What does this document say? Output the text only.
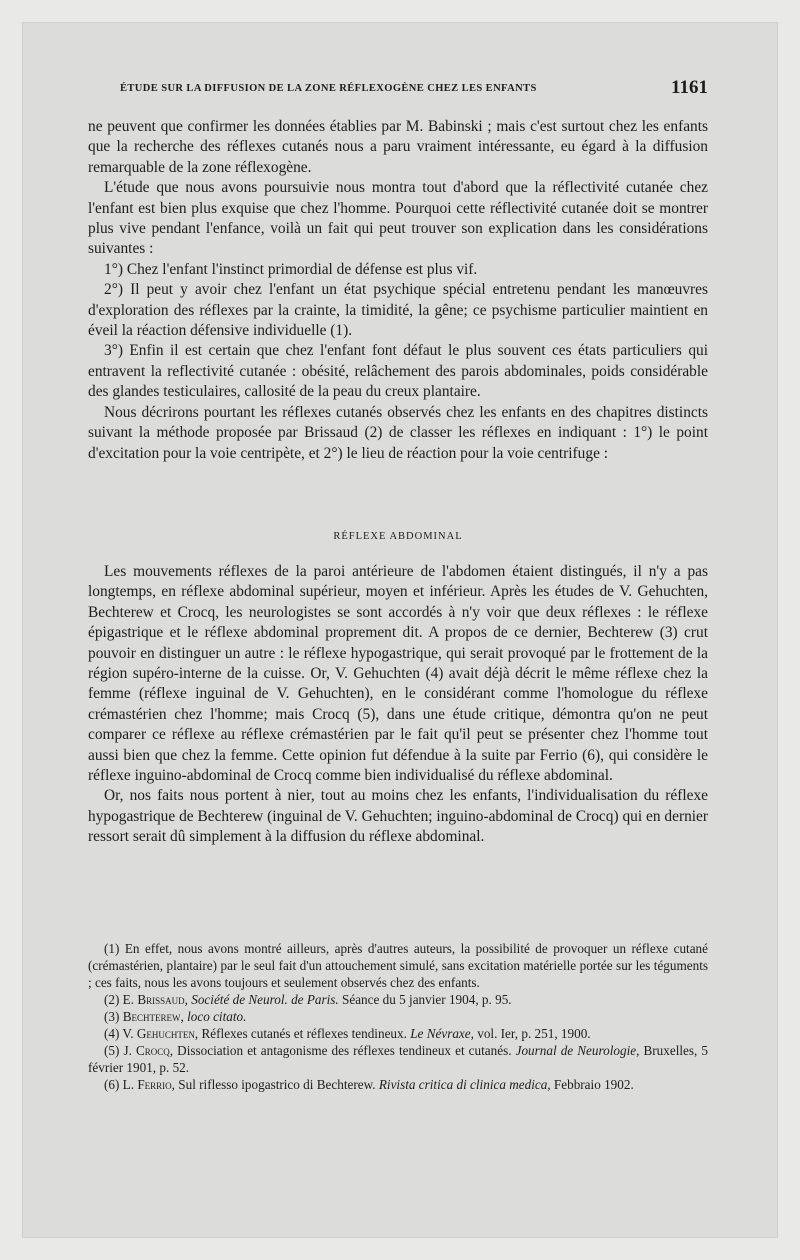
ÉTUDE SUR LA DIFFUSION DE LA ZONE RÉFLEXOGÈNE CHEZ LES ENFANTS	1161

ne peuvent que confirmer les données établies par M. Babinski ; mais c'est surtout chez les enfants que la recherche des réflexes cutanés nous a paru vraiment intéressante, eu égard à la diffusion remarquable de la zone réflexogène.

L'étude que nous avons poursuivie nous montra tout d'abord que la réflectivité cutanée chez l'enfant est bien plus exquise que chez l'homme. Pourquoi cette réflectivité cutanée doit se montrer plus vive pendant l'enfance, voilà un fait qui peut trouver son explication dans les considérations suivantes :

1°) Chez l'enfant l'instinct primordial de défense est plus vif.

2°) Il peut y avoir chez l'enfant un état psychique spécial entretenu pendant les manœuvres d'exploration des réflexes par la crainte, la timidité, la gêne; ce psychisme particulier maintient en éveil la réaction défensive individuelle (1).

3°) Enfin il est certain que chez l'enfant font défaut le plus souvent ces états particuliers qui entravent la reflectivité cutanée : obésité, relâchement des parois abdominales, poids considérable des glandes testiculaires, callosité de la peau du creux plantaire.

Nous décrirons pourtant les réflexes cutanés observés chez les enfants en des chapitres distincts suivant la méthode proposée par Brissaud (2) de classer les réflexes en indiquant : 1°) le point d'excitation pour la voie centripète, et 2°) le lieu de réaction pour la voie centrifuge :

RÉFLEXE ABDOMINAL

Les mouvements réflexes de la paroi antérieure de l'abdomen étaient distingués, il n'y a pas longtemps, en réflexe abdominal supérieur, moyen et inférieur. Après les études de V. Gehuchten, Bechterew et Crocq, les neurologistes se sont accordés à n'y voir que deux réflexes : le réflexe épigastrique et le réflexe abdominal proprement dit. A propos de ce dernier, Bechterew (3) crut pouvoir en distinguer un autre : le réflexe hypogastrique, qui serait provoqué par le frottement de la région supéro-interne de la cuisse. Or, V. Gehuchten (4) avait déjà décrit le même réflexe chez la femme (réflexe inguinal de V. Gehuchten), en le considérant comme l'homologue du réflexe crémastérien chez l'homme; mais Crocq (5), dans une étude critique, démontra qu'on ne peut comparer ce réflexe au réflexe crémastérien par le fait qu'il peut se présenter chez l'homme tout aussi bien que chez la femme. Cette opinion fut défendue à la suite par Ferrio (6), qui considère le réflexe inguino-abdominal de Crocq comme bien individualisé du réflexe abdominal.

Or, nos faits nous portent à nier, tout au moins chez les enfants, l'individualisation du réflexe hypogastrique de Bechterew (inguinal de V. Gehuchten; inguino-abdominal de Crocq) qui en dernier ressort serait dû simplement à la diffusion du réflexe abdominal.

(1) En effet, nous avons montré ailleurs, après d'autres auteurs, la possibilité de provoquer un réflexe cutané (crémastérien, plantaire) par le seul fait d'un attouchement simulé, sans excitation matérielle portée sur les téguments ; ces faits, nous les avons toujours et seulement observés chez des enfants.

(2) E. Brissaud, Société de Neurol. de Paris. Séance du 5 janvier 1904, p. 95.

(3) Bechterew, loco citato.

(4) V. Gehuchten, Réflexes cutanés et réflexes tendineux. Le Névraxe, vol. Ier, p. 251, 1900.

(5) J. Crocq, Dissociation et antagonisme des réflexes tendineux et cutanés. Journal de Neurologie, Bruxelles, 5 février 1901, p. 52.

(6) L. Ferrio, Sul riflesso ipogastrico di Bechterew. Rivista critica di clinica medica, Febbraio 1902.
